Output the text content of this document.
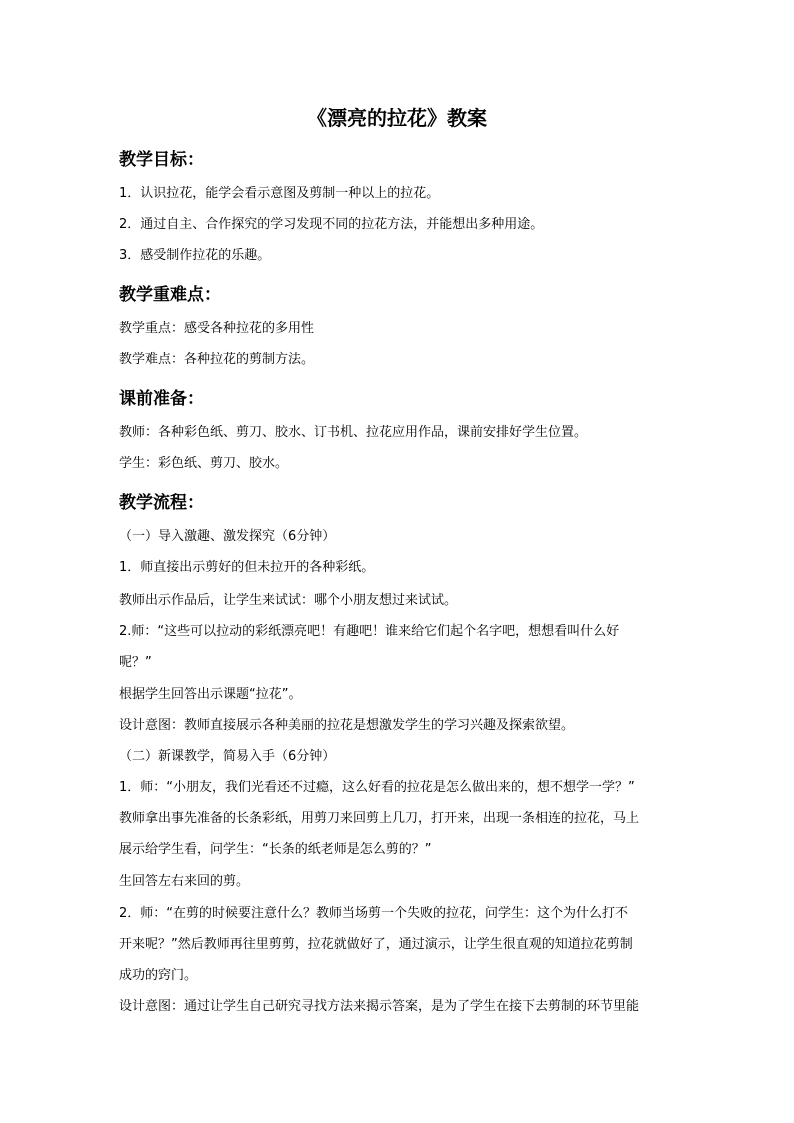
《漂亮的拉花》教案
教学目标：
1．认识拉花，能学会看示意图及剪制一种以上的拉花。
2．通过自主、合作探究的学习发现不同的拉花方法，并能想出多种用途。
3．感受制作拉花的乐趣。
教学重难点：
教学重点：感受各种拉花的多用性
教学难点：各种拉花的剪制方法。
课前准备：
教师：各种彩色纸、剪刀、胶水、订书机、拉花应用作品，课前安排好学生位置。
学生：彩色纸、剪刀、胶水。
教学流程：
（一）导入激趣、激发探究（6分钟）
1．师直接出示剪好的但未拉开的各种彩纸。
教师出示作品后，让学生来试试：哪个小朋友想过来试试。
2.师：“这些可以拉动的彩纸漂亮吧！有趣吧！谁来给它们起个名字吧，想想看叫什么好
呢？”
根据学生回答出示课题“拉花”。
设计意图：教师直接展示各种美丽的拉花是想激发学生的学习兴趣及探索欲望。
（二）新课教学，简易入手（6分钟）
1．师：“小朋友，我们光看还不过瘾，这么好看的拉花是怎么做出来的，想不想学一学？”
教师拿出事先准备的长条彩纸，用剪刀来回剪上几刀，打开来，出现一条相连的拉花，马上
展示给学生看，问学生：“长条的纸老师是怎么剪的？”
生回答左右来回的剪。
2．师：“在剪的时候要注意什么？教师当场剪一个失败的拉花，问学生：这个为什么打不
开来呢？”然后教师再往里剪剪，拉花就做好了，通过演示，让学生很直观的知道拉花剪制
成功的窍门。
设计意图：通过让学生自己研究寻找方法来揭示答案，是为了学生在接下去剪制的环节里能
